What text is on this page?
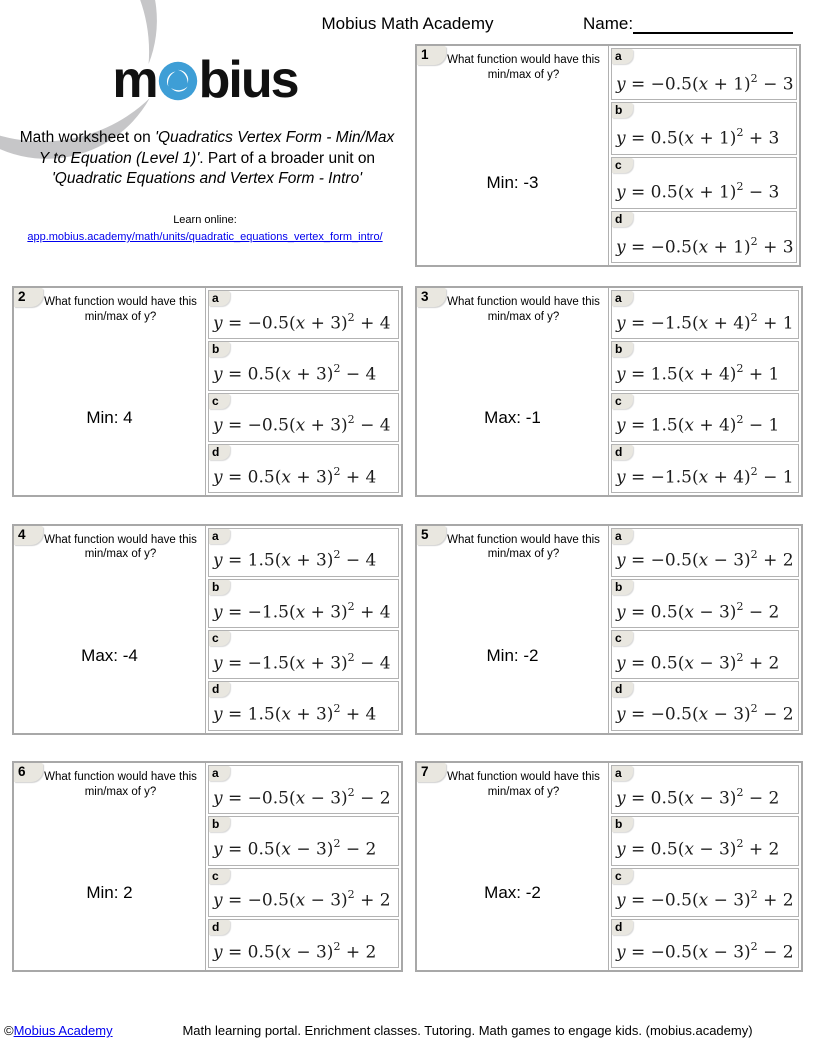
Mobius Math Academy	Name:
m bius
Math worksheet on 'Quadratics Vertex Form - Min/Max Y to Equation (Level 1)'. Part of a broader unit on 'Quadratic Equations and Vertex Form - Intro'
Learn online:
app.mobius.academy/math/units/quadratic_equations_vertex_form_intro/
1	What function would have this min/max of y?
Min: -3
a
$y = -0.5(x + 1)^2 - 3$
b
$y = 0.5(x + 1)^2 + 3$
c
$y = 0.5(x + 1)^2 - 3$
d
$y = -0.5(x + 1)^2 + 3$
2	What function would have this min/max of y?
Min: 4
a
$y = -0.5(x + 3)^2 + 4$
b
$y = 0.5(x + 3)^2 - 4$
c
$y = -0.5(x + 3)^2 - 4$
d
$y = 0.5(x + 3)^2 + 4$
3	What function would have this min/max of y?
Max: -1
a
$y = -1.5(x + 4)^2 + 1$
b
$y = 1.5(x + 4)^2 + 1$
c
$y = 1.5(x + 4)^2 - 1$
d
$y = -1.5(x + 4)^2 - 1$
4	What function would have this min/max of y?
Max: -4
a
$y = 1.5(x + 3)^2 - 4$
b
$y = -1.5(x + 3)^2 + 4$
c
$y = -1.5(x + 3)^2 - 4$
d
$y = 1.5(x + 3)^2 + 4$
5	What function would have this min/max of y?
Min: -2
a
$y = -0.5(x - 3)^2 + 2$
b
$y = 0.5(x - 3)^2 - 2$
c
$y = 0.5(x - 3)^2 + 2$
d
$y = -0.5(x - 3)^2 - 2$
6	What function would have this min/max of y?
Min: 2
a
$y = -0.5(x - 3)^2 - 2$
b
$y = 0.5(x - 3)^2 - 2$
c
$y = -0.5(x - 3)^2 + 2$
d
$y = 0.5(x - 3)^2 + 2$
7	What function would have this min/max of y?
Max: -2
a
$y = 0.5(x - 3)^2 - 2$
b
$y = 0.5(x - 3)^2 + 2$
c
$y = -0.5(x - 3)^2 + 2$
d
$y = -0.5(x - 3)^2 - 2$
©Mobius Academy	Math learning portal. Enrichment classes. Tutoring. Math games to engage kids. (mobius.academy)
